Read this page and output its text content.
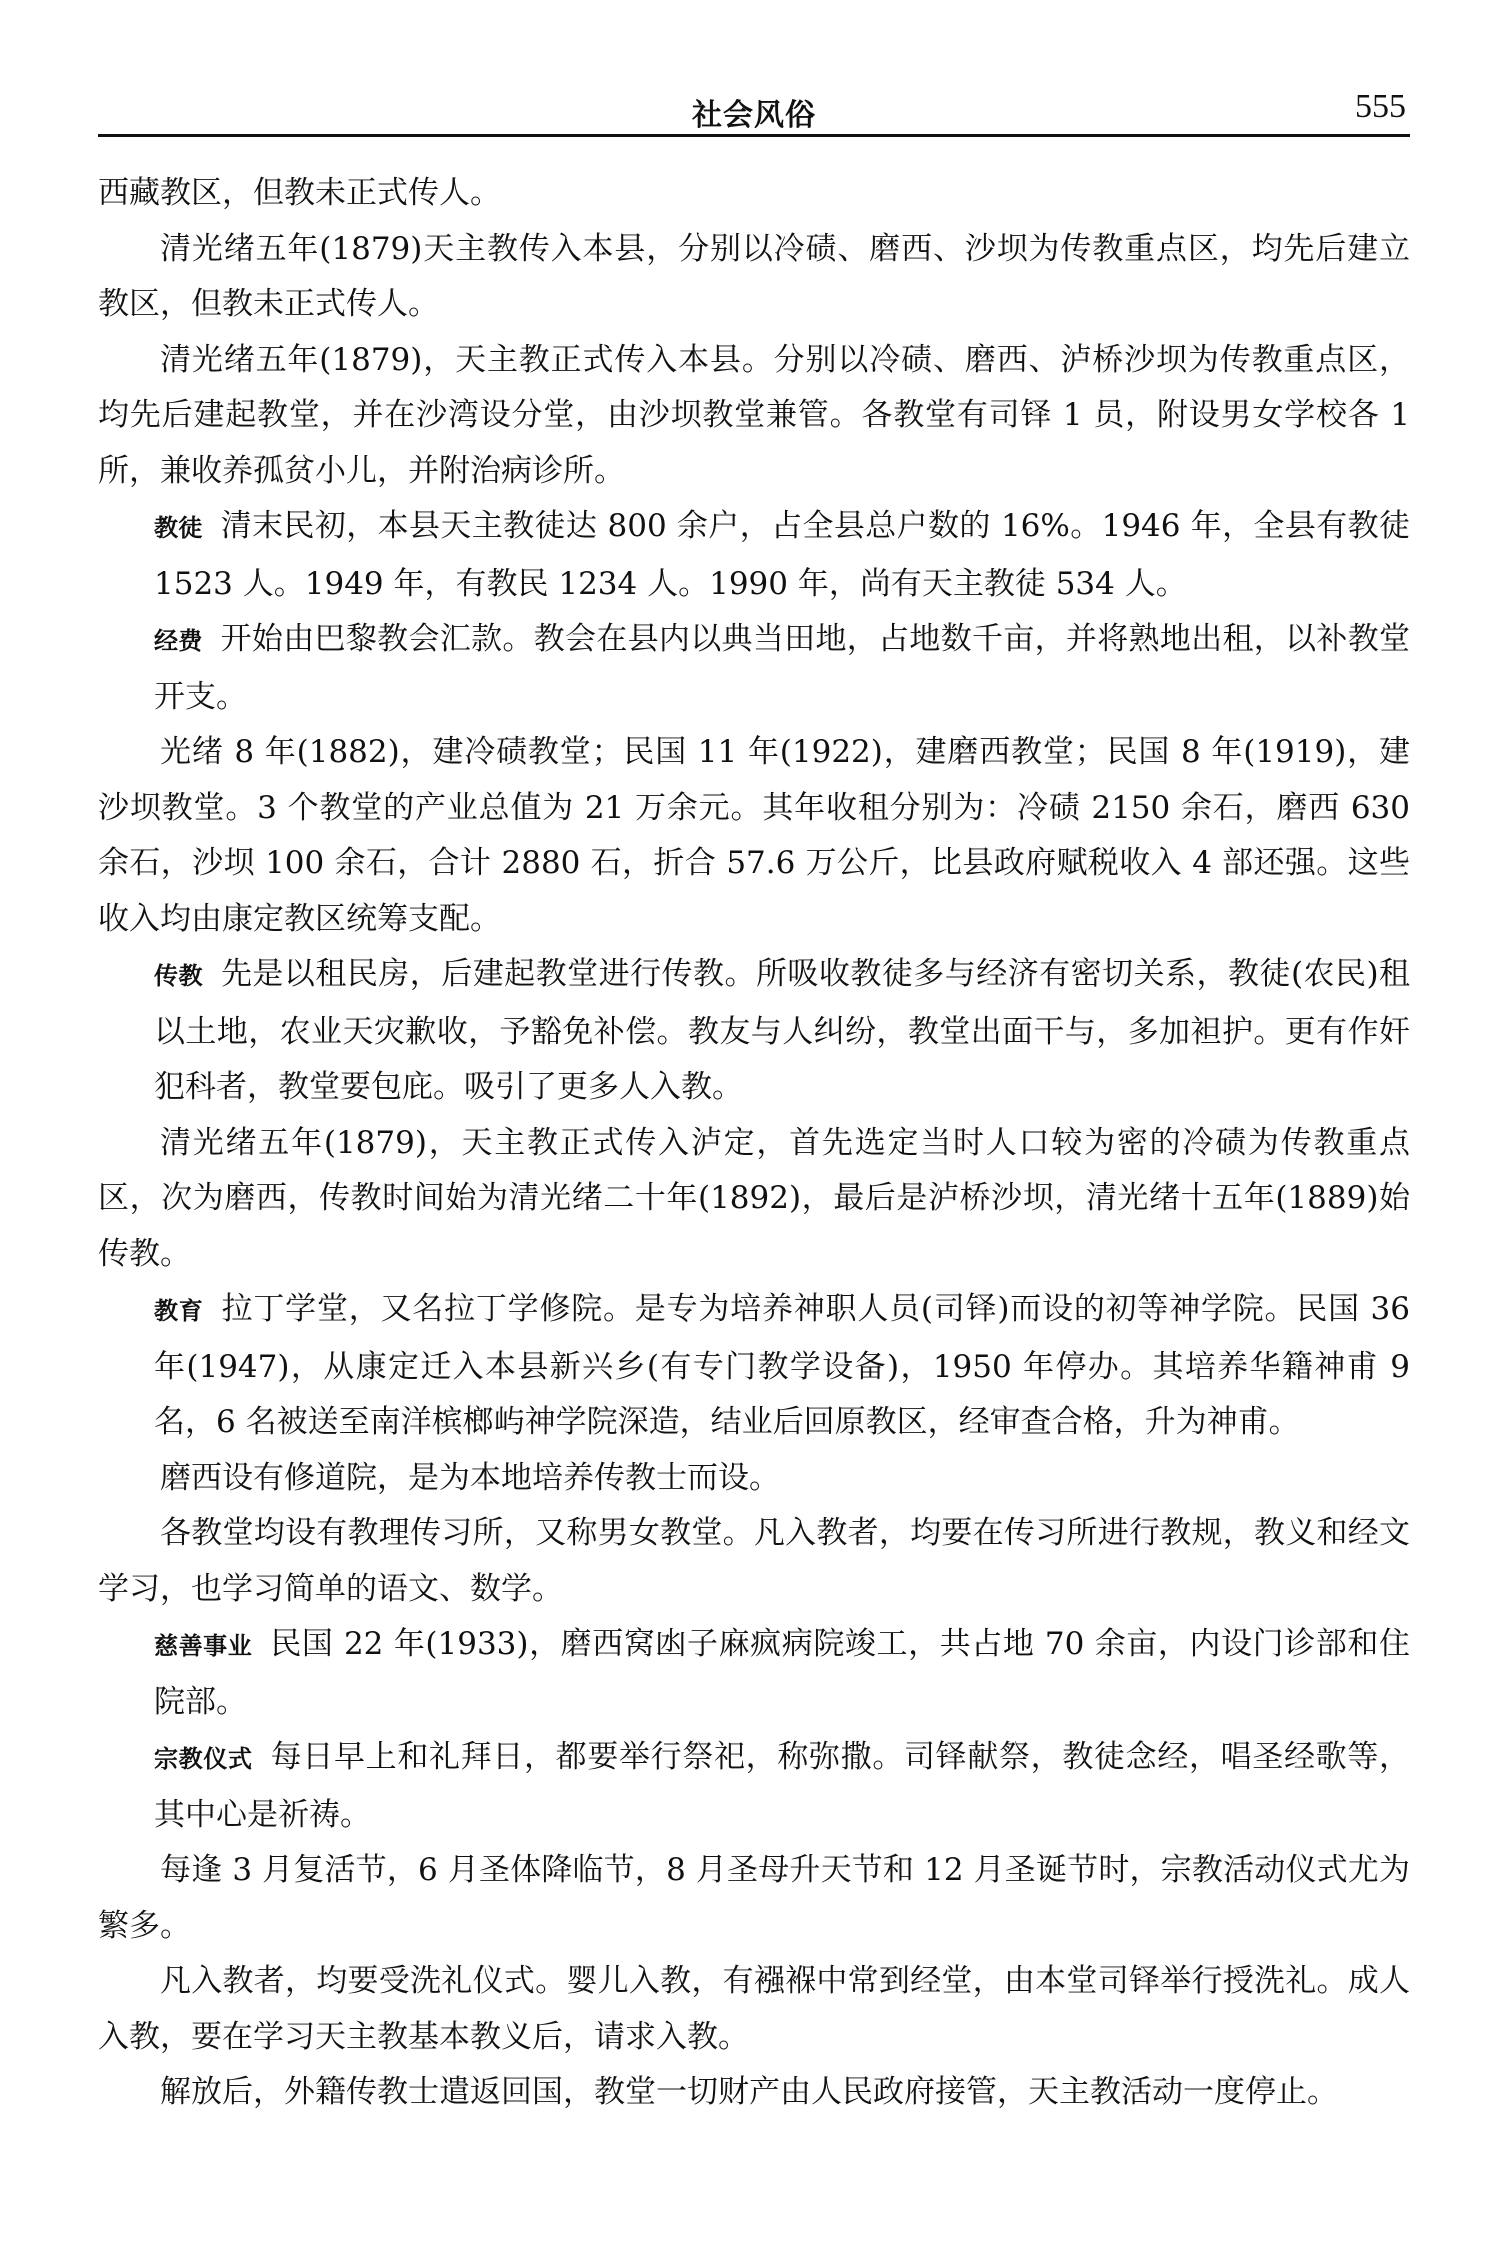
社会风俗	555

西藏教区，但教未正式传人。

清光绪五年(1879)天主教传入本县，分别以冷碛、磨西、沙坝为传教重点区，均先后建立教区，但教未正式传人。

清光绪五年(1879)，天主教正式传入本县。分别以冷碛、磨西、泸桥沙坝为传教重点区，均先后建起教堂，并在沙湾设分堂，由沙坝教堂兼管。各教堂有司铎 1 员，附设男女学校各 1 所，兼收养孤贫小儿，并附治病诊所。

教徒 清末民初，本县天主教徒达 800 余户，占全县总户数的 16%。1946 年，全县有教徒 1523 人。1949 年，有教民 1234 人。1990 年，尚有天主教徒 534 人。

经费 开始由巴黎教会汇款。教会在县内以典当田地，占地数千亩，并将熟地出租，以补教堂开支。

光绪 8 年(1882)，建冷碛教堂；民国 11 年(1922)，建磨西教堂；民国 8 年(1919)，建沙坝教堂。3 个教堂的产业总值为 21 万余元。其年收租分别为：冷碛 2150 余石，磨西 630 余石，沙坝 100 余石，合计 2880 石，折合 57.6 万公斤，比县政府赋税收入 4 部还强。这些收入均由康定教区统筹支配。

传教 先是以租民房，后建起教堂进行传教。所吸收教徒多与经济有密切关系，教徒(农民)租以土地，农业天灾歉收，予豁免补偿。教友与人纠纷，教堂出面干与，多加袒护。更有作奸犯科者，教堂要包庇。吸引了更多人入教。

清光绪五年(1879)，天主教正式传入泸定，首先选定当时人口较为密的冷碛为传教重点区，次为磨西，传教时间始为清光绪二十年(1892)，最后是泸桥沙坝，清光绪十五年(1889)始传教。

教育 拉丁学堂，又名拉丁学修院。是专为培养神职人员(司铎)而设的初等神学院。民国 36 年(1947)，从康定迁入本县新兴乡(有专门教学设备)，1950 年停办。其培养华籍神甫 9 名，6 名被送至南洋槟榔屿神学院深造，结业后回原教区，经审查合格，升为神甫。

磨西设有修道院，是为本地培养传教士而设。

各教堂均设有教理传习所，又称男女教堂。凡入教者，均要在传习所进行教规，教义和经文学习，也学习简单的语文、数学。

慈善事业 民国 22 年(1933)，磨西窝凼子麻疯病院竣工，共占地 70 余亩，内设门诊部和住院部。

宗教仪式 每日早上和礼拜日，都要举行祭祀，称弥撒。司铎献祭，教徒念经，唱圣经歌等，其中心是祈祷。

每逢 3 月复活节，6 月圣体降临节，8 月圣母升天节和 12 月圣诞节时，宗教活动仪式尤为繁多。

凡入教者，均要受洗礼仪式。婴儿入教，有襁褓中常到经堂，由本堂司铎举行授洗礼。成人入教，要在学习天主教基本教义后，请求入教。

解放后，外籍传教士遣返回国，教堂一切财产由人民政府接管，天主教活动一度停止。
